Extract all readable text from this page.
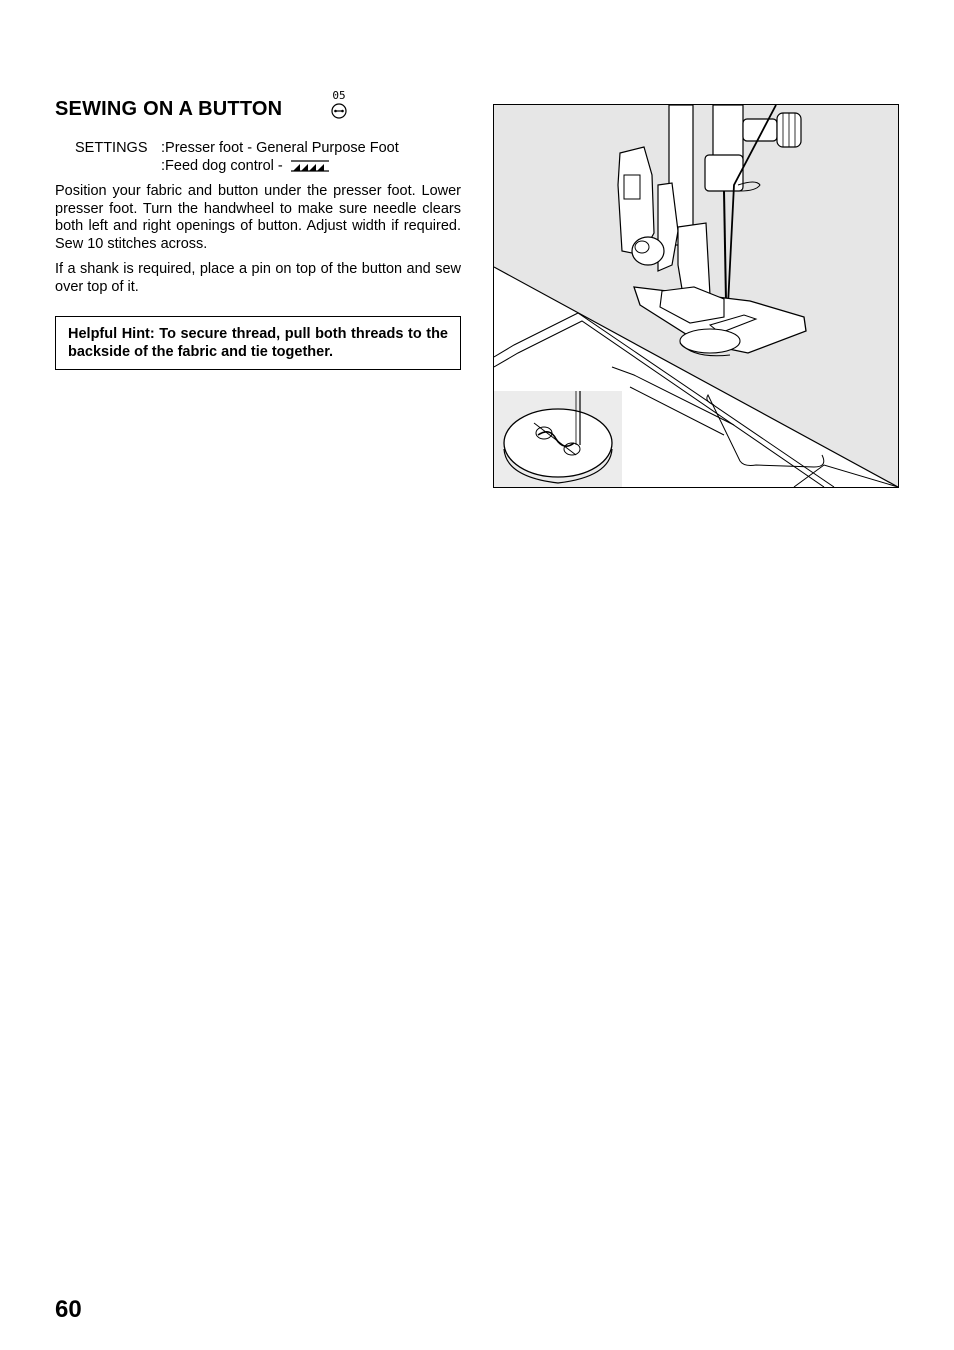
SEWING ON A BUTTON
05
SETTINGS :Presser foot - General Purpose Foot
:Feed dog control -

Position your fabric and button under the presser foot. Lower presser foot. Turn the handwheel to make sure needle clears both left and right openings of button. Adjust width if required. Sew 10 stitches across.

If a shank is required, place a pin on top of the button and sew over top of it.

Helpful Hint: To secure thread, pull both threads to the backside of the fabric and tie together.
60
